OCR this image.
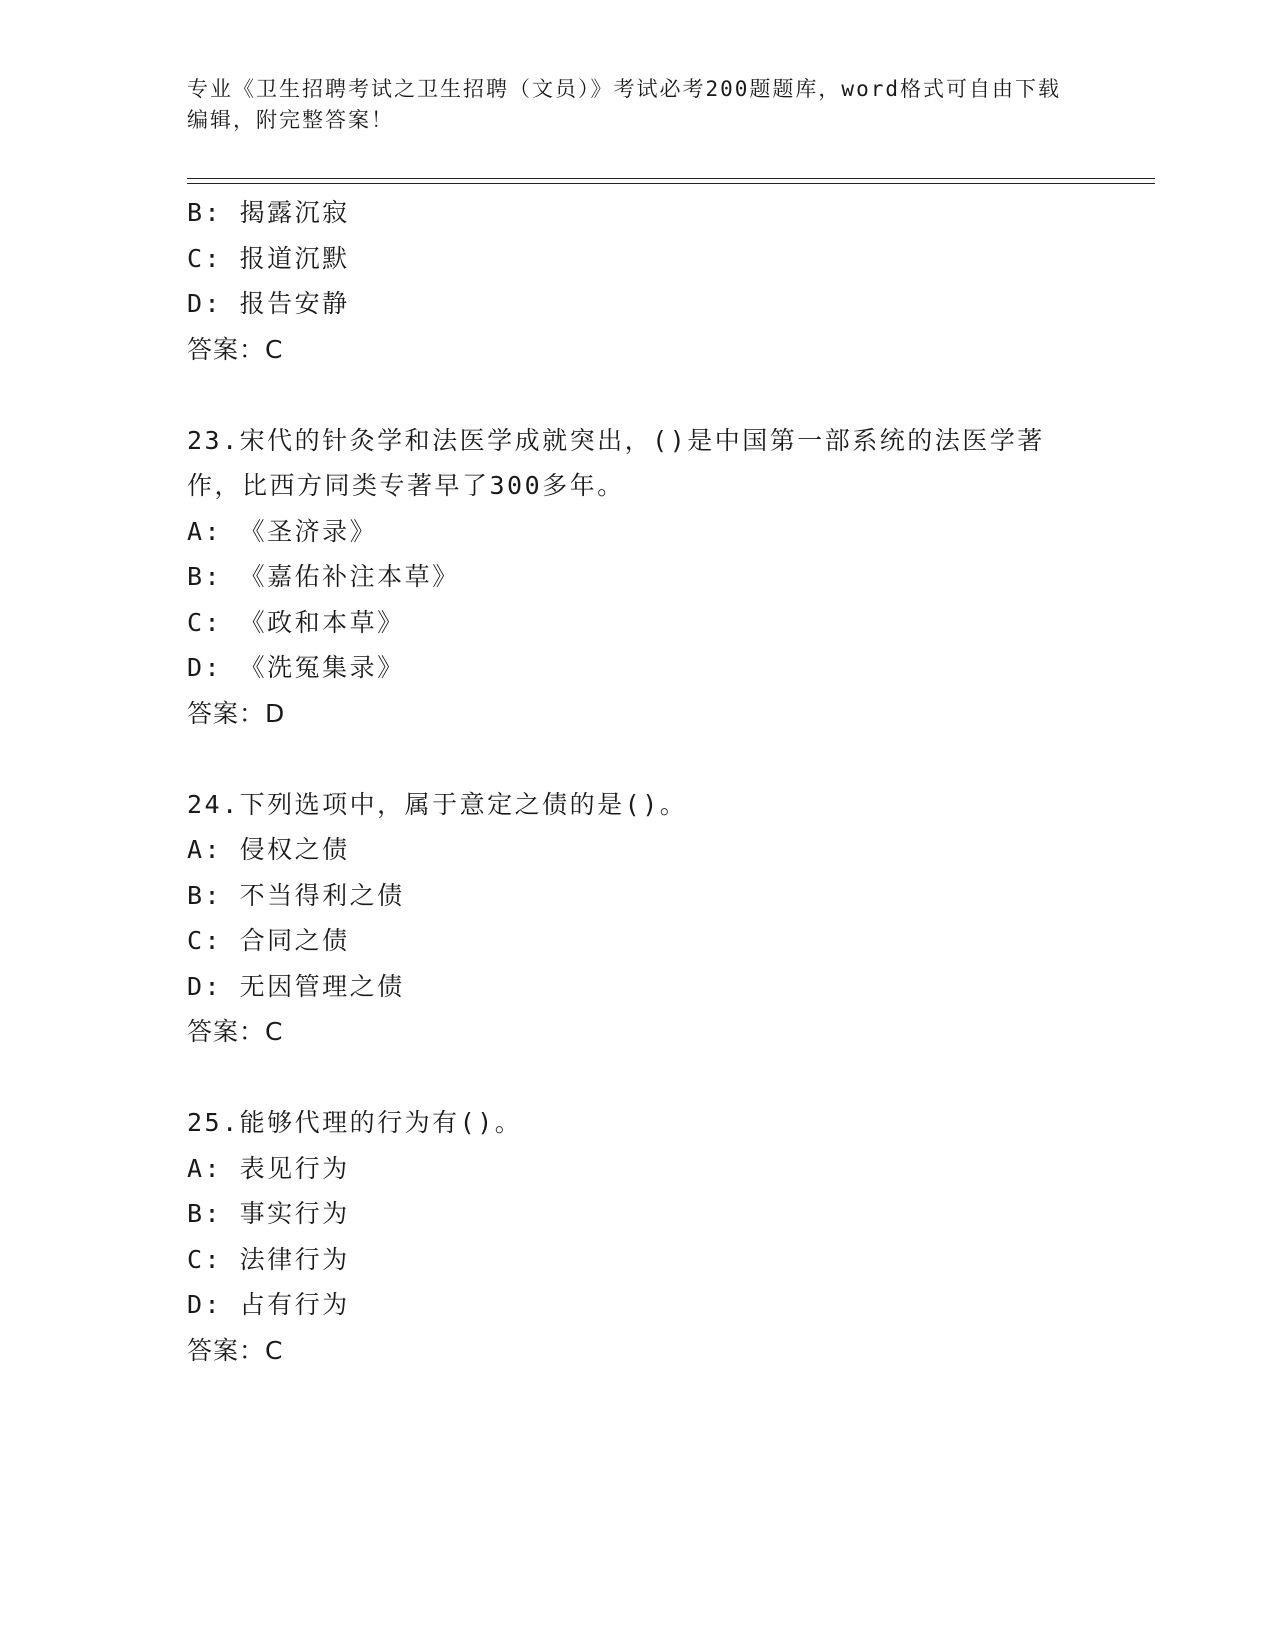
专业《卫生招聘考试之卫生招聘（文员）》考试必考200题题库，word格式可自由下载编辑，附完整答案！
B: 揭露沉寂
C: 报道沉默
D: 报告安静
答案：C
23.宋代的针灸学和法医学成就突出，()是中国第一部系统的法医学著作，比西方同类专著早了300多年。
A: 《圣济录》
B: 《嘉佑补注本草》
C: 《政和本草》
D: 《洗冤集录》
答案：D
24.下列选项中，属于意定之债的是()。
A: 侵权之债
B: 不当得利之债
C: 合同之债
D: 无因管理之债
答案：C
25.能够代理的行为有()。
A: 表见行为
B: 事实行为
C: 法律行为
D: 占有行为
答案：C
